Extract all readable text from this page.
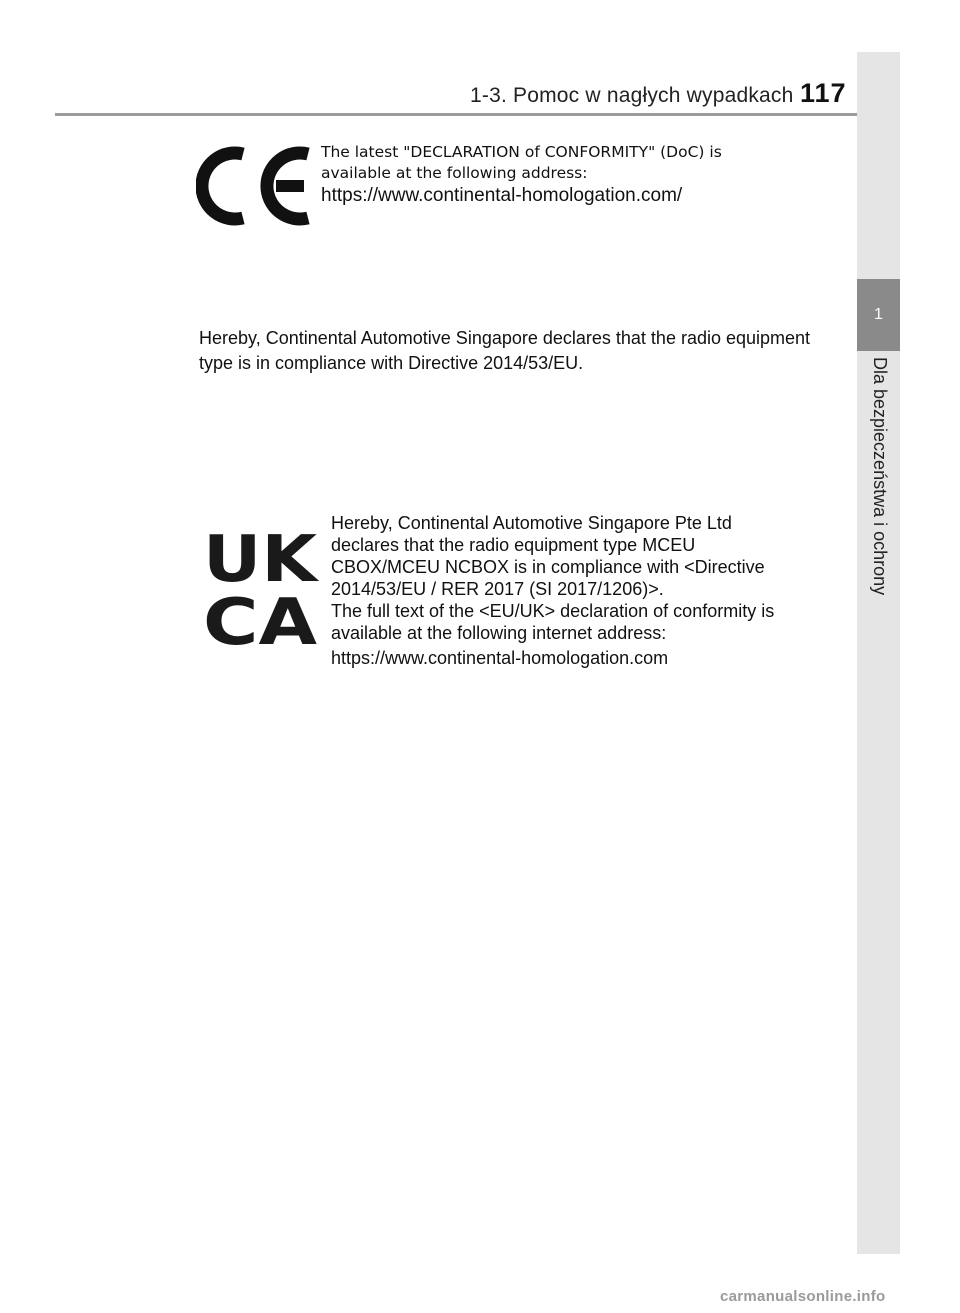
1-3. Pomoc w nagłych wypadkach 117
1
Dla bezpieczeństwa i ochrony
The latest "DECLARATION of CONFORMITY" (DoC) is
available at the following address:
https://www.continental-homologation.com/
Hereby, Continental Automotive Singapore declares that the radio equipment
type is in compliance with Directive 2014/53/EU.
UK
CA
Hereby, Continental Automotive Singapore Pte Ltd
declares that the radio equipment type MCEU
CBOX/MCEU NCBOX is in compliance with <Directive
2014/53/EU / RER 2017 (SI 2017/1206)>.
The full text of the <EU/UK> declaration of conformity is
available at the following internet address:
https://www.continental-homologation.com
carmanualsonline.info
